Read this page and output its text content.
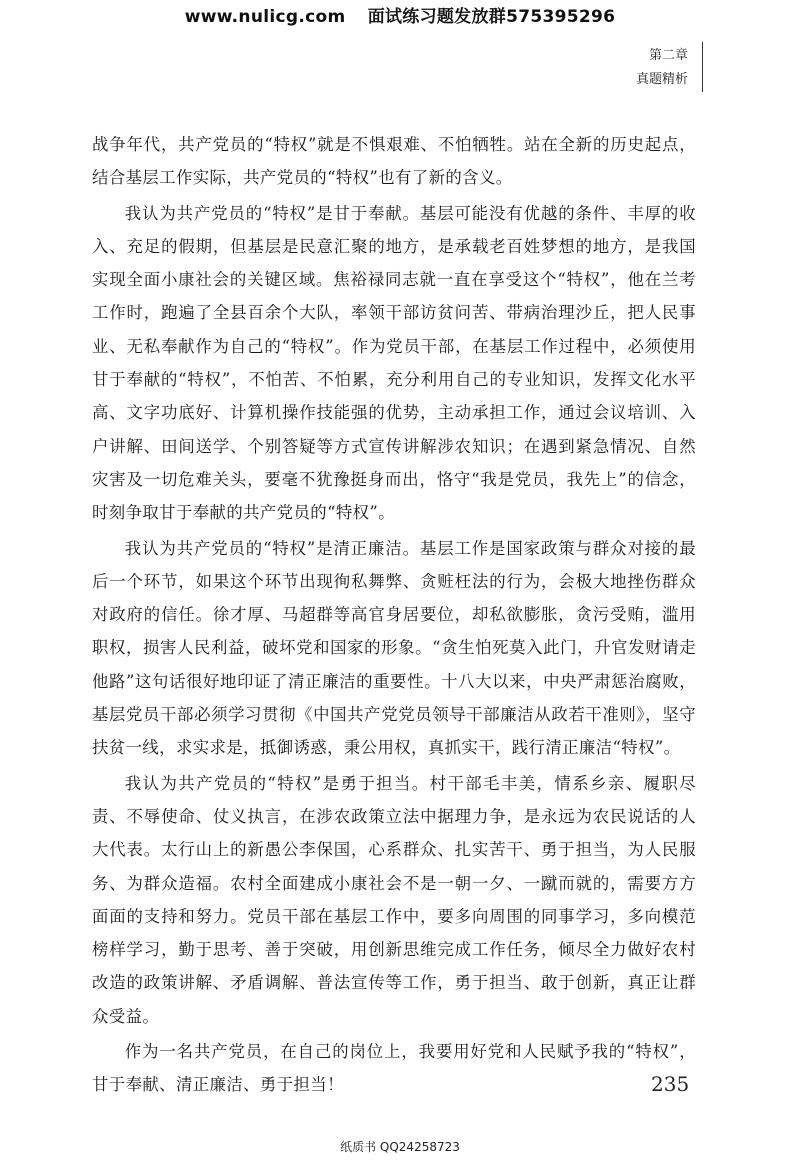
www.nulicg.com 面试练习题发放群575395296
第二章
真题精析

战争年代，共产党员的“特权”就是不惧艰难、不怕牺牲。站在全新的历史起点，结合基层工作实际，共产党员的“特权”也有了新的含义。

我认为共产党员的“特权”是甘于奉献。基层可能没有优越的条件、丰厚的收入、充足的假期，但基层是民意汇聚的地方，是承载老百姓梦想的地方，是我国实现全面小康社会的关键区域。焦裕禄同志就一直在享受这个“特权”，他在兰考工作时，跑遍了全县百余个大队，率领干部访贫问苦、带病治理沙丘，把人民事业、无私奉献作为自己的“特权”。作为党员干部，在基层工作过程中，必须使用甘于奉献的“特权”，不怕苦、不怕累，充分利用自己的专业知识，发挥文化水平高、文字功底好、计算机操作技能强的优势，主动承担工作，通过会议培训、入户讲解、田间送学、个别答疑等方式宣传讲解涉农知识；在遇到紧急情况、自然灾害及一切危难关头，要毫不犹豫挺身而出，恪守“我是党员，我先上”的信念，时刻争取甘于奉献的共产党员的“特权”。

我认为共产党员的“特权”是清正廉洁。基层工作是国家政策与群众对接的最后一个环节，如果这个环节出现徇私舞弊、贪赃枉法的行为，会极大地挫伤群众对政府的信任。徐才厚、马超群等高官身居要位，却私欲膨胀，贪污受贿，滥用职权，损害人民利益，破坏党和国家的形象。“贪生怕死莫入此门，升官发财请走他路”这句话很好地印证了清正廉洁的重要性。十八大以来，中央严肃惩治腐败，基层党员干部必须学习贯彻《中国共产党党员领导干部廉洁从政若干准则》，坚守扶贫一线，求实求是，抵御诱惑，秉公用权，真抓实干，践行清正廉洁“特权”。

我认为共产党员的“特权”是勇于担当。村干部毛丰美，情系乡亲、履职尽责、不辱使命、仗义执言，在涉农政策立法中据理力争，是永远为农民说话的人大代表。太行山上的新愚公李保国，心系群众、扎实苦干、勇于担当，为人民服务、为群众造福。农村全面建成小康社会不是一朝一夕、一蹴而就的，需要方方面面的支持和努力。党员干部在基层工作中，要多向周围的同事学习，多向模范榜样学习，勤于思考、善于突破，用创新思维完成工作任务，倾尽全力做好农村改造的政策讲解、矛盾调解、普法宣传等工作，勇于担当、敢于创新，真正让群众受益。

作为一名共产党员，在自己的岗位上，我要用好党和人民赋予我的“特权”，甘于奉献、清正廉洁、勇于担当！	235
纸质书 QQ24258723
